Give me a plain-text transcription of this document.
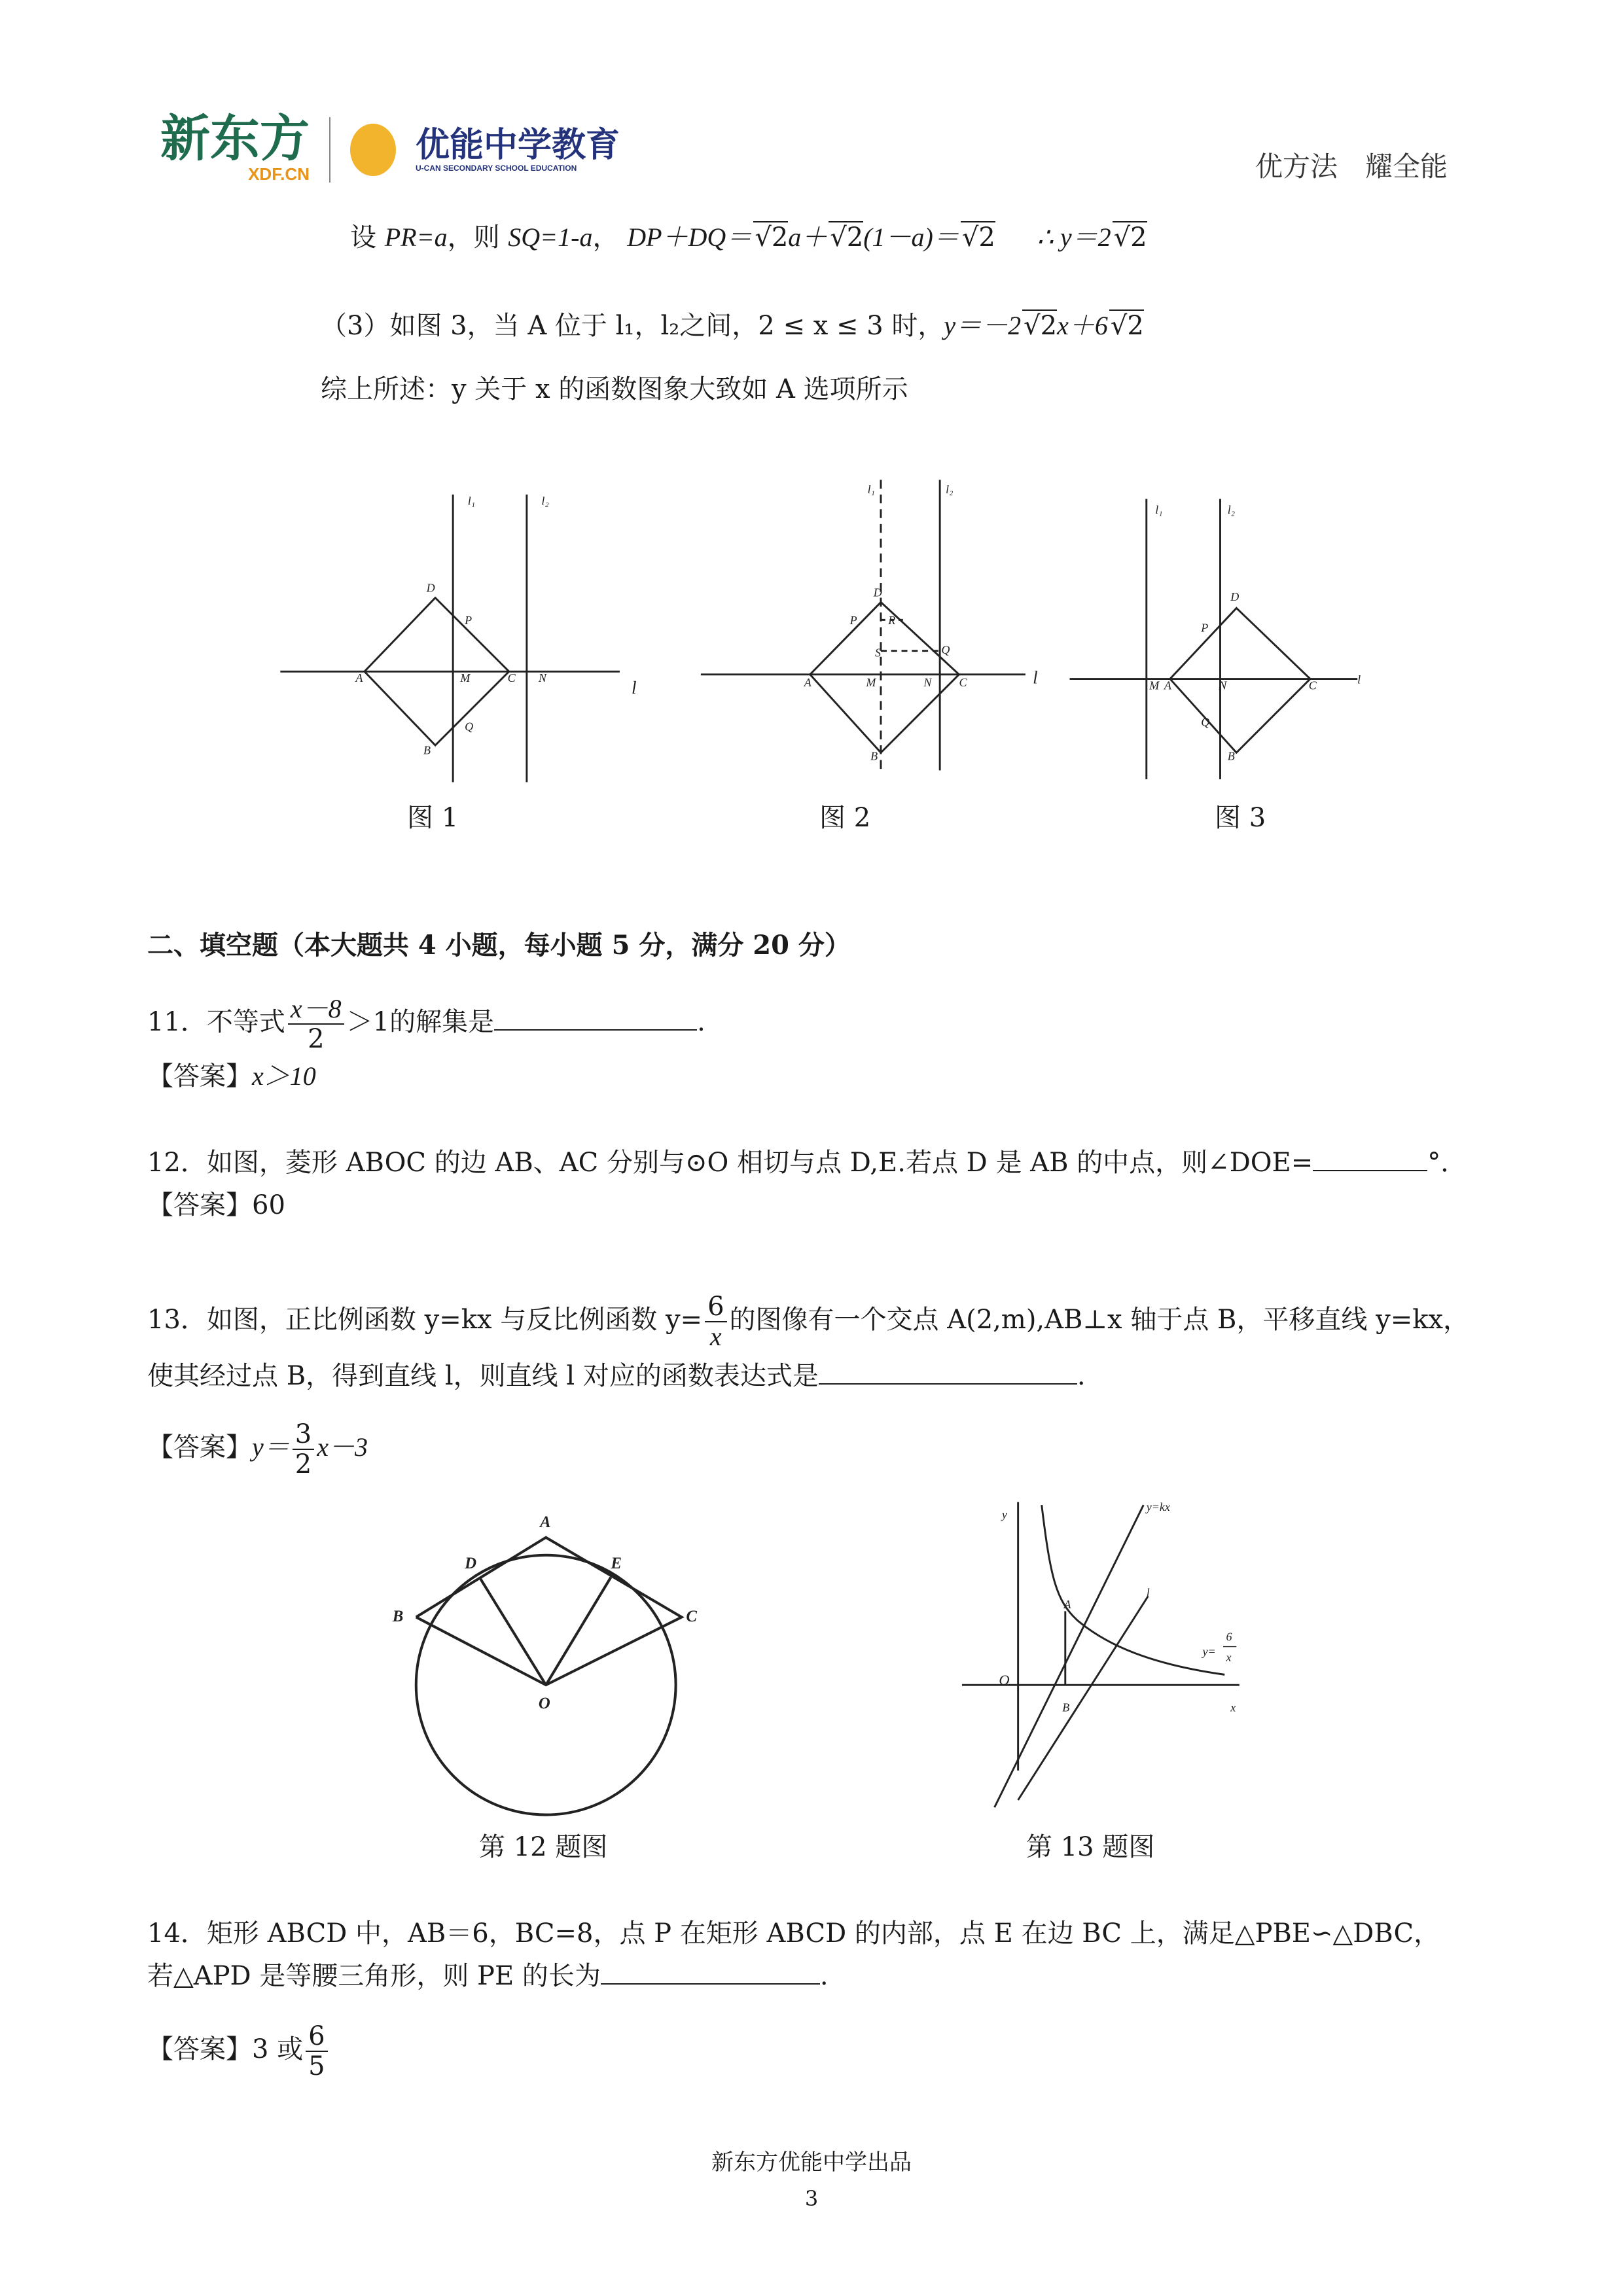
新东方
XDF.CN
优能中学教育
U-CAN SECONDARY SCHOOL EDUCATION	优方法　耀全能
设 PR=a，则 SQ=1-a， DP＋DQ＝ √ 2a＋ √ 2(1－a)＝ √ 2 ∴ y＝2 √ 2
（3）如图 3，当 A 位于 l₁，l₂之间，2 ≤ x ≤ 3 时，y＝－2 √ 2x＋6 √ 2
综上所述：y 关于 x 的函数图象大致如 A 选项所示
l₁	l₂
l
D
P
A	M	C	N
Q
B
l₁	l₂
l
D
P	R
S	Q
A	M	N	C
B
l₁	l₂
l
D
P
M A	N	C
Q
B
A
D	E
B	C
O
y
x
O
A
B
y=kx
l
y=
6
x
图 1	图 2	图 3
二、填空题（本大题共 4 小题，每小题 5 分，满分 20 分）
11．不等式 $\frac{x-8}{2} >1$的解集是	.
【答案】x＞10
12．如图，菱形 ABOC 的边 AB、AC 分别与⊙O 相切与点 D,E.若点 D 是 AB 的中点，则∠DOE=	°．
【答案】60
13．如图，正比例函数 y=kx 与反比例函数 $y= \frac{6}{x}$ 的图像有一个交点 A(2,m),AB⊥x 轴于点 B，平移直线 y=kx，
使其经过点 B，得到直线 l，则直线 l 对应的函数表达式是	.
【答案】$y= \frac{3}{2} x-3$
第 12 题图	第 13 题图
14．矩形 ABCD 中，AB＝6，BC=8，点 P 在矩形 ABCD 的内部，点 E 在边 BC 上，满足△PBE∽△DBC，
若△APD 是等腰三角形，则 PE 的长为	.
【答案】3 或 $\frac{6}{5}$
新东方优能中学出品
3
